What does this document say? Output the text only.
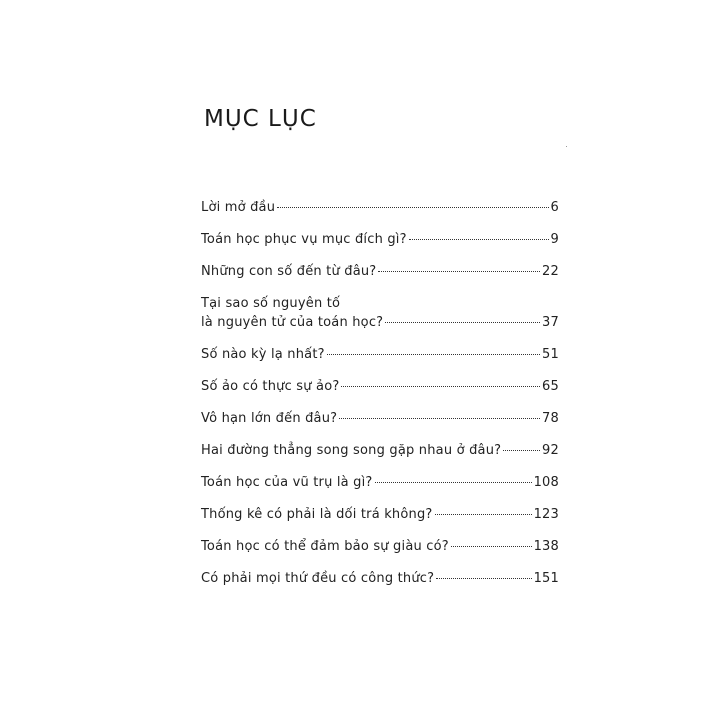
MỤC LỤC
Lời mở đầu	6
Toán học phục vụ mục đích gì?	9
Những con số đến từ đâu?	22
Tại sao số nguyên tố
là nguyên tử của toán học?	37
Số nào kỳ lạ nhất?	51
Số ảo có thực sự ảo?	65
Vô hạn lớn đến đâu?	78
Hai đường thẳng song song gặp nhau ở đâu?	92
Toán học của vũ trụ là gì?	108
Thống kê có phải là dối trá không?	123
Toán học có thể đảm bảo sự giàu có?	138
Có phải mọi thứ đều có công thức?	151
